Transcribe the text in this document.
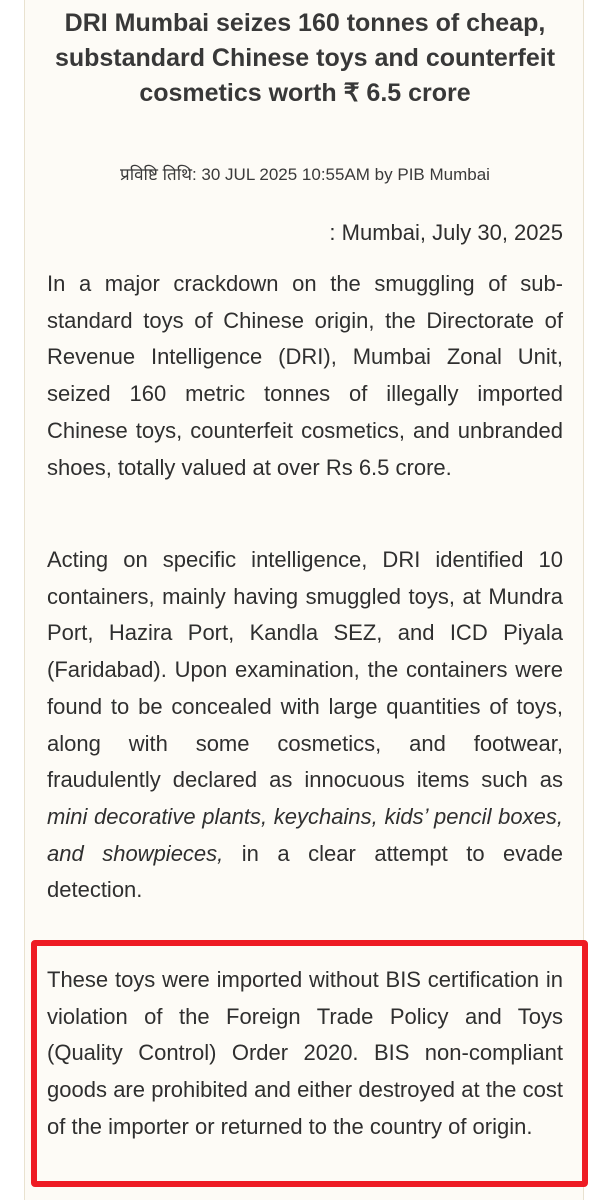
DRI Mumbai seizes 160 tonnes of cheap, substandard Chinese toys and counterfeit cosmetics worth ₹ 6.5 crore
प्रविष्टि तिथि: 30 JUL 2025 10:55AM by PIB Mumbai
: Mumbai, July 30, 2025

In a major crackdown on the smuggling of sub-standard toys of Chinese origin, the Directorate of Revenue Intelligence (DRI), Mumbai Zonal Unit, seized 160 metric tonnes of illegally imported Chinese toys, counterfeit cosmetics, and unbranded shoes, totally valued at over Rs 6.5 crore.

Acting on specific intelligence, DRI identified 10 containers, mainly having smuggled toys, at Mundra Port, Hazira Port, Kandla SEZ, and ICD Piyala (Faridabad). Upon examination, the containers were found to be concealed with large quantities of toys, along with some cosmetics, and footwear, fraudulently declared as innocuous items such as mini decorative plants, keychains, kids’ pencil boxes, and showpieces, in a clear attempt to evade detection.

These toys were imported without BIS certification in violation of the Foreign Trade Policy and Toys (Quality Control) Order 2020. BIS non-compliant goods are prohibited and either destroyed at the cost of the importer or returned to the country of origin.
